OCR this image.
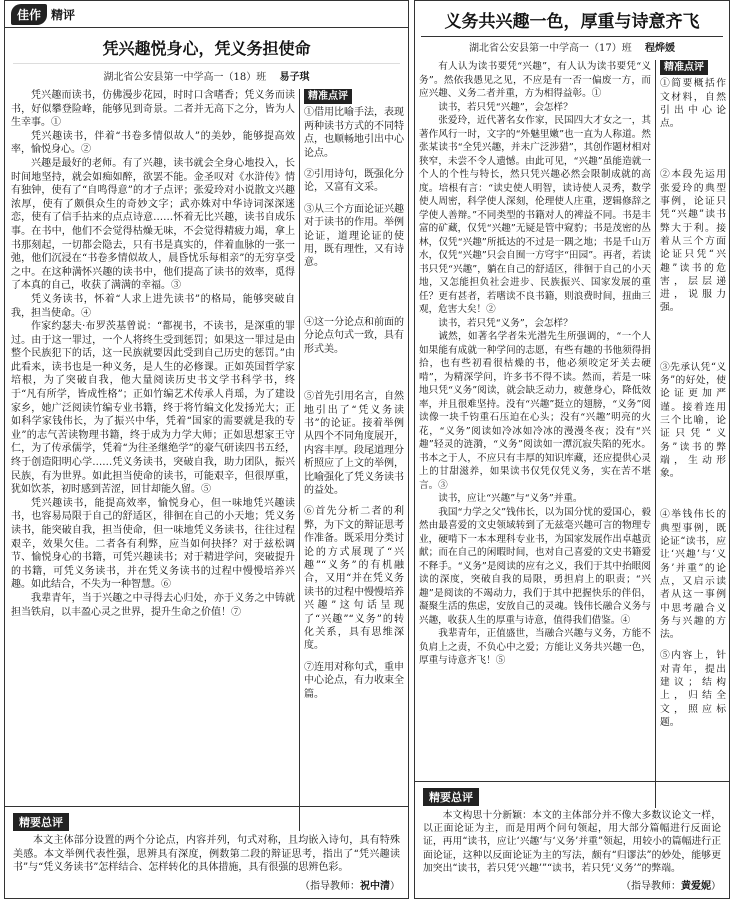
佳作 精评
凭兴趣悦身心，凭义务担使命
湖北省公安县第一中学高一（18）班 易子琪

凭兴趣而读书，仿佛漫步花园，时时口含嗜香；凭义务而读书，好似攀登险峰，能够见到奇景。二者并无高下之分，皆为人生幸事。①

凭兴趣读书，伴着“书卷多情似故人”的美妙，能够提高效率，愉悦身心。②

兴趣是最好的老师。有了兴趣，读书就会全身心地投入，长时间地坚持，就会如痴如醉，欲罢不能。金圣叹对《水浒传》情有独钟，使有了“自鸣得意”的才子点评；张爱玲对小说散文兴趣浓厚，使有了颇俱众生的奇妙文字；武亦姝对中华诗词深深迷恋，使有了信手拈来的点点诗意……怀着无比兴趣，读书自成乐事。在书中，他们不会觉得枯燥无味，不会觉得精疲力竭，拿上书那刻起，一切都会隐去，只有书是真实的，伴着血脉的一张一弛，他们沉浸在“书卷多情似故人，晨昏忧乐每相亲”的无穷享受之中。在这种满怀兴趣的读书中，他们提高了读书的效率，觅得了本真的自己，收获了满满的幸福。③

凭义务读书，怀着“人求上进先读书”的格局，能够突破自我，担当使命。④

作家约瑟夫·布罗茨基曾说：“都视书，不读书，是深重的罪过。由于这一罪过，一个人将终生受到惩罚；如果这一罪过是由整个民族犯下的话，这一民族就要因此受到自己历史的惩罚。”由此看来，读书也是一种义务，是人生的必修课。正如英国哲学家培根，为了突破自我，他大量阅读历史书文学书科学书，终于“凡有所学，皆成性格”；正如竹编艺术传承人肖瑶，为了建设家乡，她广泛阅读竹编专业书籍，终于将竹编文化发扬光大；正如科学家钱伟长，为了振兴中华，凭着“国家的需要就是我的专业”的志气苦读物理书籍，终于成为力学大师；正如思想家王守仁，为了传承儒学，凭着“为往圣继绝学”的豪气研读四书五经，终于创造阳明心学……凭义务读书，突破自我，助力团队，振兴民族，有为世界。如此担当使命的读书，可能艰辛，但很厚重，犹如饮茶，初时感到苦涩，回甘却能久留。⑤

凭兴趣读书，能提高效率，愉悦身心，但一味地凭兴趣读书，也容易局限于自己的舒适区，徘徊在自己的小天地；凭义务读书，能突破自我，担当使命，但一味地凭义务读书，往往过程艰辛，效果欠佳。二者各有利弊，应当如何抉择？对于兹松调节、愉悦身心的书籍，可凭兴趣读书；对于精进学问，突破提升的书籍，可凭义务读书，并在凭义务读书的过程中慢慢培养兴趣。如此结合，不失为一种智慧。⑥

我辈青年，当于兴趣之中寻得去心归处，亦于义务之中铸就担当铁肩，以丰盈心灵之世界，提升生命之价值！⑦

精准点评

①借用比喻手法，表现两种读书方式的不同特点，也顺畅地引出中心论点。

②引用诗句，既强化分论，又富有文采。

③从三个方面论证兴趣对于读书的作用。举例论证，道理论证的使用，既有理性，又有诗意。

④这一分论点和前面的分论点句式一致，具有形式美。

⑤首先引用名言，自然地引出了“凭义务读书”的论证。接着举例从四个不同角度展开，内容丰厚。段尾道理分析照应了上文的举例，比喻强化了凭义务读书的益处。

⑥首先分析二者的利弊，为下文的辩证思考作准备。既采用分类讨论的方式展现了“兴趣”“义务”的有机融合，又用“并在凭义务读书的过程中慢慢培养兴趣”这句话呈现了“兴趣”“义务”的转化关系，具有思维深度。

⑦连用对称句式，重申中心论点，有力收束全篇。

精要总评

本文主体部分设置的两个分论点，内容并列，句式对称，且均嵌入诗句，具有特殊美感。本文举例代表性强，思辨具有深度，例数第二段的辩证思考，指出了“凭兴趣读书”与“凭义务读书”怎样结合、怎样转化的具体措施，具有很强的思辨色彩。

（指导教师：祝中清）
义务共兴趣一色，厚重与诗意齐飞
湖北省公安县第一中学高一（17）班 程烨媛

有人认为读书要凭“兴趣”，有人认为读书要凭“义务”。然依我愚见之见，不应是有一否一偏废一方，而应兴趣、义务二者并重，方为相得益彰。①

读书，若只凭“兴趣”，会怎样？

张爱玲，近代著名女作家，民国四大才女之一，其著作风行一时，文字的“外魅里嫩”也一直为人称道。然张某读书“全凭兴趣，并未广泛涉猎”，其创作题材相对狭窄，未尝不令人遗憾。由此可见，“兴趣”虽能造就一个人的个性与特长，然只凭兴趣必然会限制成就的高度。培根有言：“读史使人明智，读诗使人灵秀，数学使人周密，科学使人深刻，伦理使人庄重，逻辑修辞之学使人善辩。”不同类型的书籍对人的裨益不同。书是丰富的矿藏，仅凭“兴趣”无疑是管中窥豹；书是茂密的丛林，仅凭“兴趣”所抵达的不过是一隅之地；书是千山万水，仅凭“兴趣”只会自囿一方穹宇“田园”。再者，若读书只凭“兴趣”，躺在自己的舒适区，徘徊于自己的小天地，又怎能担负社会进步、民族振兴、国家发展的重任？更有甚者，若嗜读不良书籍，则浪费时间，扭曲三观，危害大矣！②

读书，若只凭“义务”，会怎样？

诚然，如著名学者朱光潜先生所强调的，“一个人如果能有成就一种学问的志愿，有些有趣的书他须得捐拾，也有些初看很枯燥的书，他必须咬定牙关去硬啃”，为精深学问，许多书不得不读。然而，若是一味地只凭“义务”阅读，就会缺乏动力，疲惫身心，降低效率，并且很难坚持。没有“兴趣”挺立的翅膀，“义务”阅读像一块千钧重石压迫在心头；没有“兴趣”明亮的火花，“义务”阅读如冷冰如冷冰的漫漫冬夜；没有“兴趣”轻灵的涟漪，“义务”阅读如一潭沉寂失陷的死水。书本之于人，不应只有丰厚的知识库藏，还应提供心灵上的甘甜滋养，如果读书仅凭仅凭义务，实在苦不堪言。③

读书，应让“兴趣”与“义务”并重。

我国“力学之父”钱伟长，以为国分忧的爱国心，毅然由最喜爱的文史领域转到了无兹毫兴趣可言的物理专业，硬啃下一本本理科专业书，为国家发展作出卓越贡献；而在自己的闲暇时间，也对自己喜爱的文史书籍爱不释手。“义务”是阅读的应有之义，我们于其中抬眼阅读的深度，突破自我的局限，勇担肩上的职责；“兴趣”是阅读的不竭动力，我们于其中把握快乐的伴侣，凝聚生活的焦虑，安放自己的灵魂。钱伟长融合义务与兴趣，收获人生的厚重与诗意，值得我们借鉴。④

我辈青年，正值盛世，当融合兴趣与义务，方能不负肩上之责，不负心中之爱；方能让义务共兴趣一色，厚重与诗意齐飞！⑤

精准点评

①简要概括作文材料，自然引出中心论点。

②本段先运用张爱玲的典型事例，论证只凭“兴趣”读书弊大于利。接着从三个方面论证只凭“兴趣”读书的危害，层层递进，说服力强。

③先承认凭“义务”的好处，使论证更加严谨。接着连用三个比喻，论证只凭“义务”读书的弊端，生动形象。

④举钱伟长的典型事例，既论证“读书，应让‘兴趣’与‘义务’并重”的论点，又启示读者从这一事例中思考融合义务与兴趣的方法。

⑤内容上，针对青年，提出建议；结构上，归结全文，照应标题。

精要总评

本文构思十分新颖：本文的主体部分并不像大多数议论文一样，以正面论证为主，而是用两个问句领起，用大部分篇幅进行反面论证，再用“读书，应让‘兴趣’与‘义务’并重”领起，用较小的篇幅进行正面论证，这种以反面论证为主的写法，颇有“归谬法”的妙处，能够更加突出“读书，若只凭‘兴趣’”“读书，若只凭‘义务’”的弊端。

（指导教师：黄爱妮）
